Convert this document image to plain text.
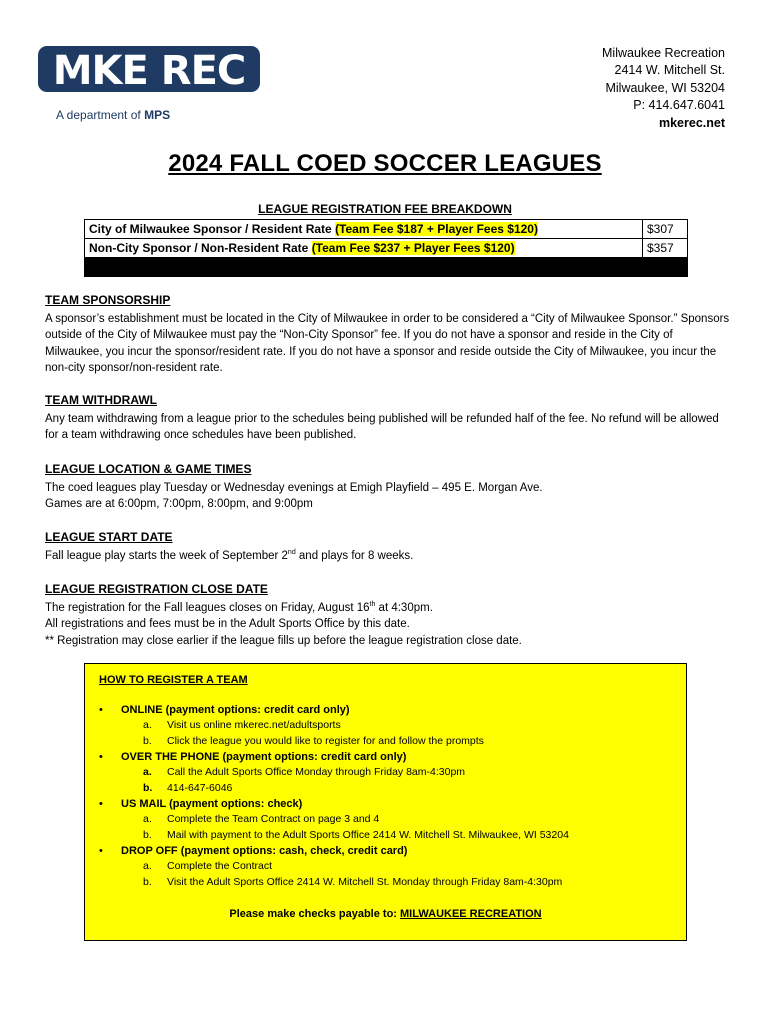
MKE REC
A department of MPS
Milwaukee Recreation
2414 W. Mitchell St.
Milwaukee, WI 53204
P: 414.647.6041
mkerec.net
2024 FALL COED SOCCER LEAGUES
LEAGUE REGISTRATION FEE BREAKDOWN
City of Milwaukee Sponsor / Resident Rate (Team Fee $187 + Player Fees $120)	$307
Non-City Sponsor / Non-Resident Rate (Team Fee $237 + Player Fees $120)	$357

TEAM SPONSORSHIP

A sponsor’s establishment must be located in the City of Milwaukee in order to be considered a “City of Milwaukee Sponsor.” Sponsors outside of the City of Milwaukee must pay the “Non-City Sponsor” fee. If you do not have a sponsor and reside in the City of Milwaukee, you incur the sponsor/resident rate. If you do not have a sponsor and reside outside the City of Milwaukee, you incur the non-city sponsor/non-resident rate.

TEAM WITHDRAWL

Any team withdrawing from a league prior to the schedules being published will be refunded half of the fee. No refund will be allowed for a team withdrawing once schedules have been published.

LEAGUE LOCATION & GAME TIMES

The coed leagues play Tuesday or Wednesday evenings at Emigh Playfield – 495 E. Morgan Ave.

Games are at 6:00pm, 7:00pm, 8:00pm, and 9:00pm

LEAGUE START DATE

Fall league play starts the week of September 2nd and plays for 8 weeks.

LEAGUE REGISTRATION CLOSE DATE

The registration for the Fall leagues closes on Friday, August 16th at 4:30pm.

All registrations and fees must be in the Adult Sports Office by this date.

** Registration may close earlier if the league fills up before the league registration close date.

HOW TO REGISTER A TEAM
• ONLINE (payment options: credit card only)
a. Visit us online mkerec.net/adultsports
b. Click the league you would like to register for and follow the prompts
• OVER THE PHONE (payment options: credit card only)
a. Call the Adult Sports Office Monday through Friday 8am-4:30pm
b. 414-647-6046
• US MAIL (payment options: check)
a. Complete the Team Contract on page 3 and 4
b. Mail with payment to the Adult Sports Office 2414 W. Mitchell St. Milwaukee, WI 53204
• DROP OFF (payment options: cash, check, credit card)
a. Complete the Contract
b. Visit the Adult Sports Office 2414 W. Mitchell St. Monday through Friday 8am-4:30pm
Please make checks payable to: MILWAUKEE RECREATION
